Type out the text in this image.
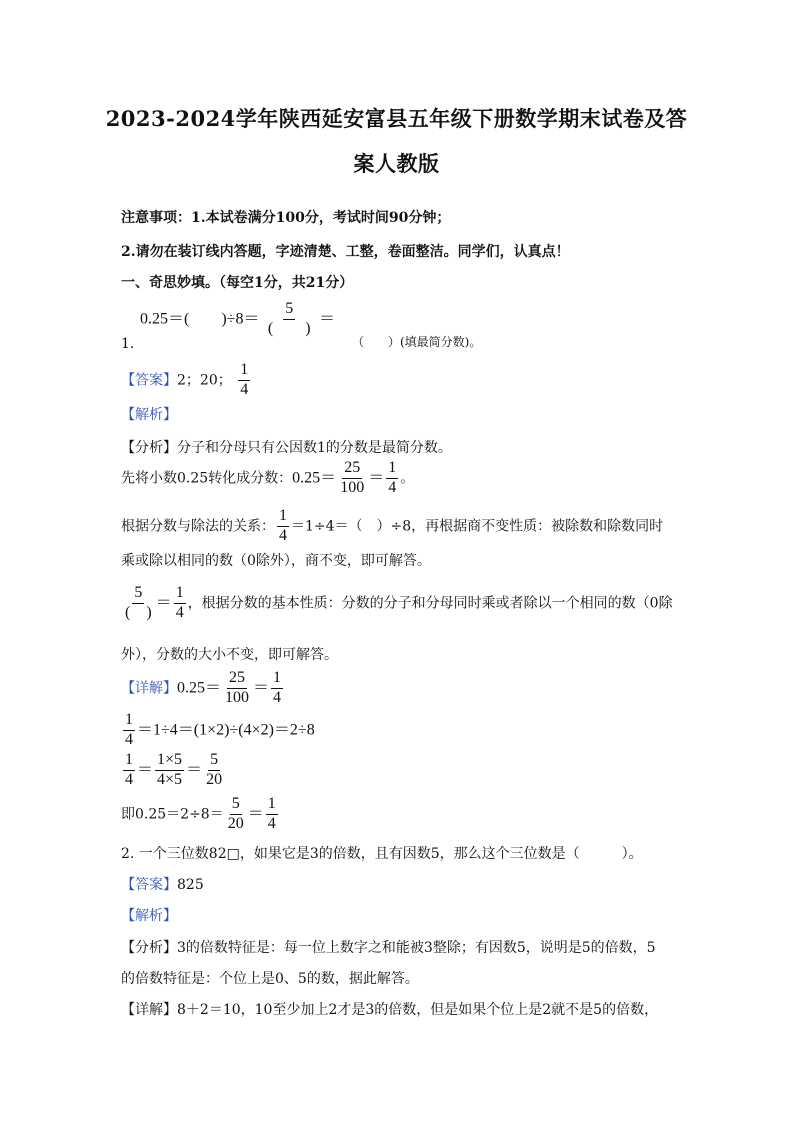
2023-2024学年陕西延安富县五年级下册数学期末试卷及答
案人教版
注意事项：1.本试卷满分100分，考试时间90分钟；
2.请勿在装订线内答题，字迹清楚、工整，卷面整洁。同学们，认真点！
一、奇思妙填。（每空1分，共21分）
0.25＝(　　)$\div 8= \frac{5}{( )}$ ＝
1.	（　　）(填最简分数)。
【答案】2；20； $\frac{1}{4}$
【解析】
【分析】分子和分母只有公因数1的分数是最简分数。
先将小数0.25转化成分数：$0.25= \frac{25}{100} = \frac{1}{4}$ 。
根据分数与除法的关系： $\frac{1}{4} =1\div 4=$（　）÷8，再根据商不变性质：被除数和除数同时
乘或除以相同的数（0除外），商不变，即可解答。
$\frac{5}{( )} = \frac{1}{4}$ ，根据分数的基本性质：分数的分子和分母同时乘或者除以一个相同的数（0除
外），分数的大小不变，即可解答。
【详解】$0.25= \frac{25}{100} = \frac{1}{4}$
$\frac{1}{4} =1\div 4=(1\times 2)\div(4\times 2)=2\div 8$
$\frac{1}{4} = \frac{1\times 5}{4\times 5} = \frac{5}{20}$
即$0.25=2\div 8= \frac{5}{20} = \frac{1}{4}$
2. 一个三位数82□，如果它是3的倍数，且有因数5，那么这个三位数是（　　　）。
【答案】825
【解析】
【分析】3的倍数特征是：每一位上数字之和能被3整除；有因数5，说明是5的倍数，5
的倍数特征是：个位上是0、5的数，据此解答。
【详解】8＋2＝10，10至少加上2才是3的倍数，但是如果个位上是2就不是5的倍数，
